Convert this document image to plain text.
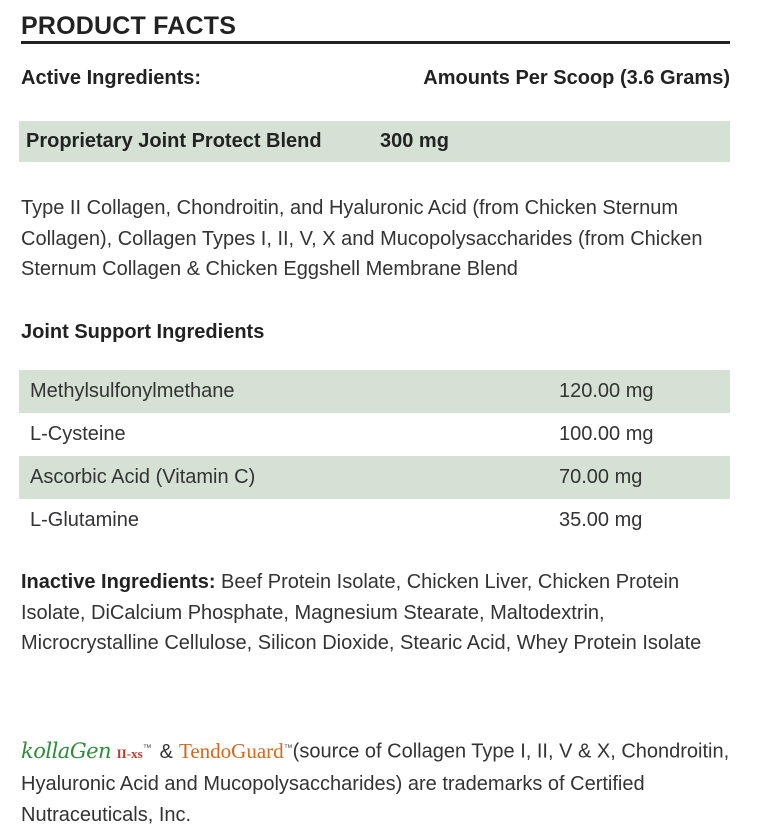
PRODUCT FACTS
Active Ingredients:	Amounts Per Scoop (3.6 Grams)
Proprietary Joint Protect Blend	300 mg
Type II Collagen, Chondroitin, and Hyaluronic Acid (from Chicken Sternum Collagen), Collagen Types I, II, V, X and Mucopolysaccharides (from Chicken Sternum Collagen & Chicken Eggshell Membrane Blend
Joint Support Ingredients
Methylsulfonylmethane	120.00 mg
L-Cysteine	100.00 mg
Ascorbic Acid (Vitamin C)	70.00 mg
L-Glutamine	35.00 mg
Inactive Ingredients: Beef Protein Isolate, Chicken Liver, Chicken Protein Isolate, DiCalcium Phosphate, Magnesium Stearate, Maltodextrin, Microcrystalline Cellulose, Silicon Dioxide, Stearic Acid, Whey Protein Isolate
kollaGen II-xs™ & TendoGuard™(source of Collagen Type I, II, V & X, Chondroitin, Hyaluronic Acid and Mucopolysaccharides) are trademarks of Certified Nutraceuticals, Inc.
